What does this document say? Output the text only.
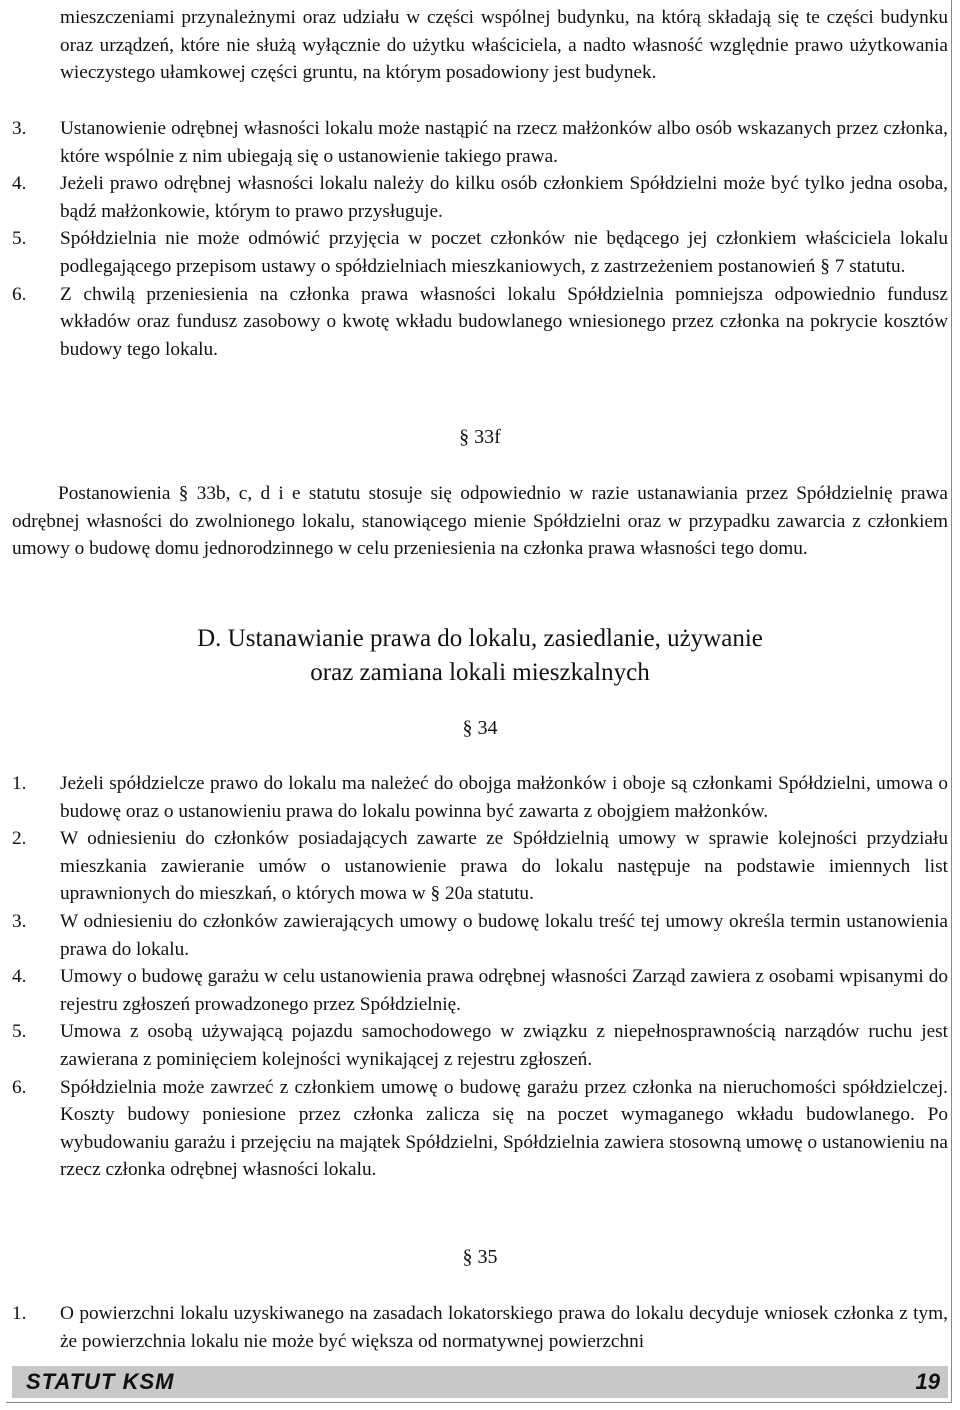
mieszczeniami przynależnymi oraz udziału w części wspólnej budynku, na którą składają się te części budynku oraz urządzeń, które nie służą wyłącznie do użytku właściciela, a nadto własność względnie prawo użytkowania wieczystego ułamkowej części gruntu, na którym posadowiony jest budynek.
3.	Ustanowienie odrębnej własności lokalu może nastąpić na rzecz małżonków albo osób wskazanych przez członka, które wspólnie z nim ubiegają się o ustanowienie takiego prawa.
4.	Jeżeli prawo odrębnej własności lokalu należy do kilku osób członkiem Spółdzielni może być tylko jedna osoba, bądź małżonkowie, którym to prawo przysługuje.
5.	Spółdzielnia nie może odmówić przyjęcia w poczet członków nie będącego jej członkiem właściciela lokalu podlegającego przepisom ustawy o spółdzielniach mieszkaniowych, z zastrzeżeniem postanowień § 7 statutu.
6.	Z chwilą przeniesienia na członka prawa własności lokalu Spółdzielnia pomniejsza odpowiednio fundusz wkładów oraz fundusz zasobowy o kwotę wkładu budowlanego wniesionego przez członka na pokrycie kosztów budowy tego lokalu.
§ 33f
Postanowienia § 33b, c, d i e statutu stosuje się odpowiednio w razie ustanawiania przez Spółdzielnię prawa odrębnej własności do zwolnionego lokalu, stanowiącego mienie Spółdzielni oraz w przypadku zawarcia z członkiem umowy o budowę domu jednorodzinnego w celu przeniesienia na członka prawa własności tego domu.
D. Ustanawianie prawa do lokalu, zasiedlanie, używanie
oraz zamiana lokali mieszkalnych
§ 34
1.	Jeżeli spółdzielcze prawo do lokalu ma należeć do obojga małżonków i oboje są członkami Spółdzielni, umowa o budowę oraz o ustanowieniu prawa do lokalu powinna być zawarta z obojgiem małżonków.
2.	W odniesieniu do członków posiadających zawarte ze Spółdzielnią umowy w sprawie kolejności przydziału mieszkania zawieranie umów o ustanowienie prawa do lokalu następuje na podstawie imiennych list uprawnionych do mieszkań, o których mowa w § 20a statutu.
3.	W odniesieniu do członków zawierających umowy o budowę lokalu treść tej umowy określa termin ustanowienia prawa do lokalu.
4.	Umowy o budowę garażu w celu ustanowienia prawa odrębnej własności Zarząd zawiera z osobami wpisanymi do rejestru zgłoszeń prowadzonego przez Spółdzielnię.
5.	Umowa z osobą używającą pojazdu samochodowego w związku z niepełnosprawnością narządów ruchu jest zawierana z pominięciem kolejności wynikającej z rejestru zgłoszeń.
6.	Spółdzielnia może zawrzeć z członkiem umowę o budowę garażu przez członka na nieruchomości spółdzielczej. Koszty budowy poniesione przez członka zalicza się na poczet wymaganego wkładu budowlanego. Po wybudowaniu garażu i przejęciu na majątek Spółdzielni, Spółdzielnia zawiera stosowną umowę o ustanowieniu na rzecz członka odrębnej własności lokalu.
§ 35
1.	O powierzchni lokalu uzyskiwanego na zasadach lokatorskiego prawa do lokalu decyduje wniosek członka z tym, że powierzchnia lokalu nie może być większa od normatywnej powierzchni
STATUT KSM	19
